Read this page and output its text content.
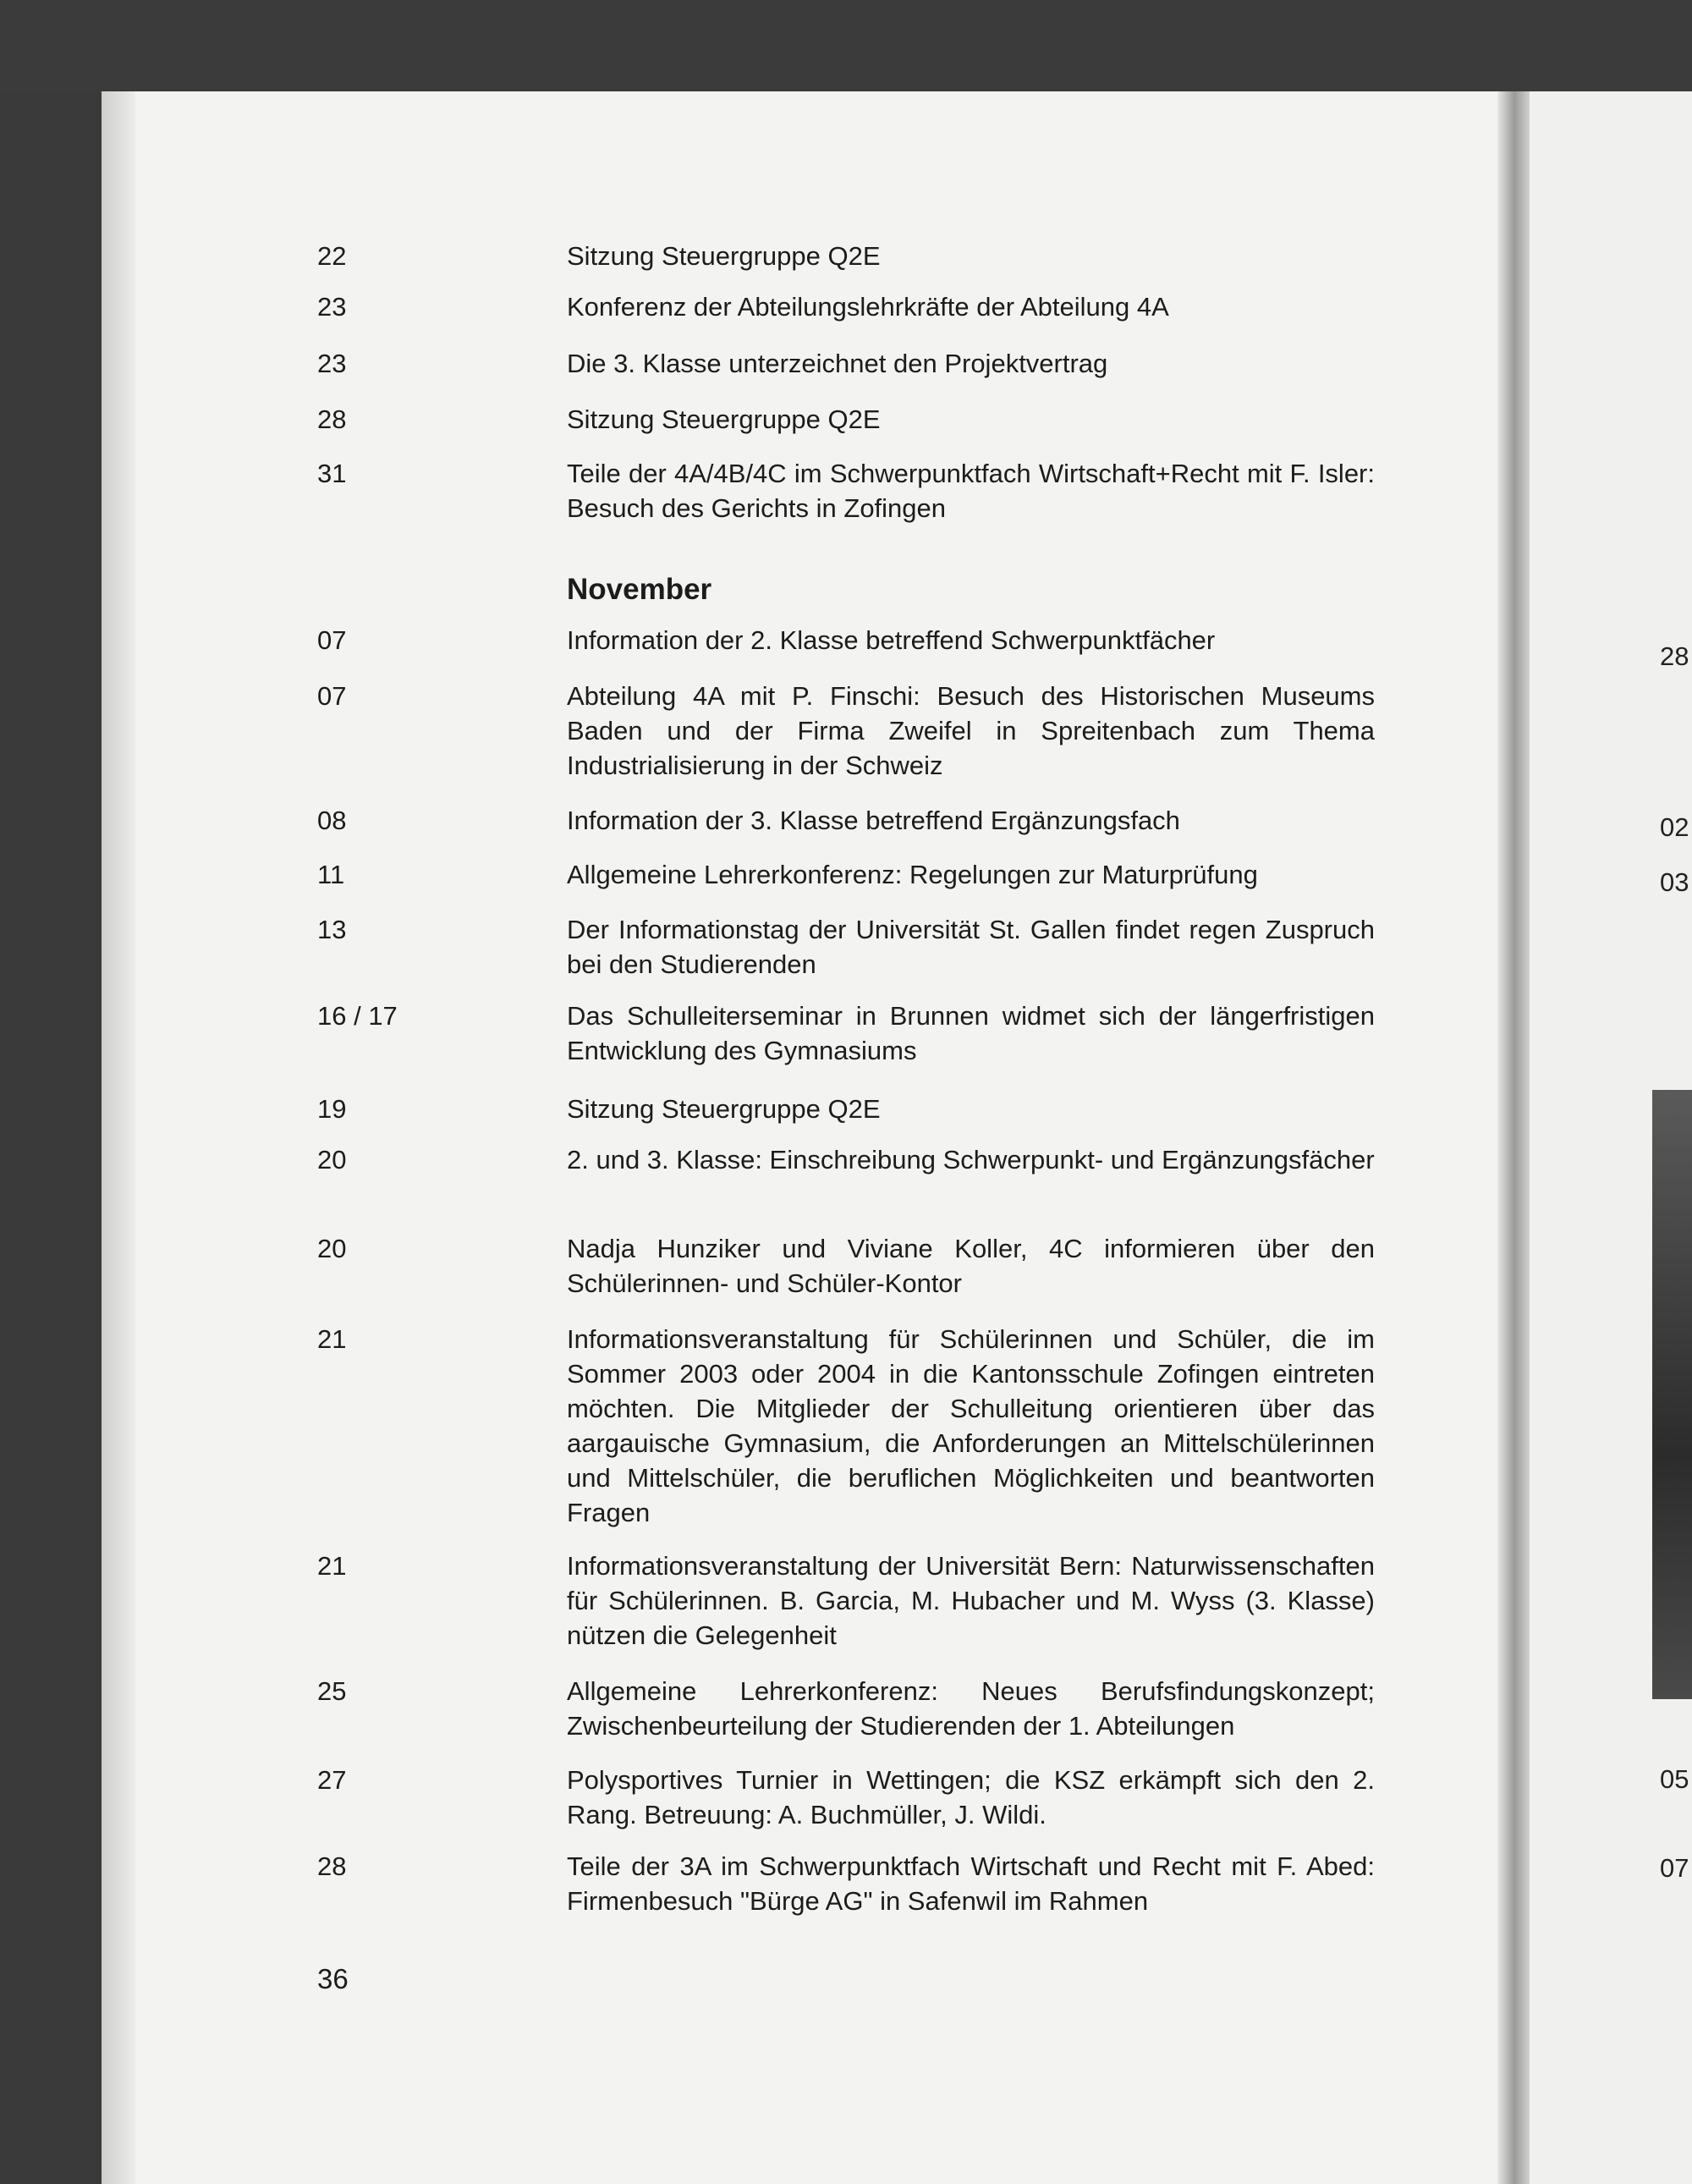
28
02
03
05
07
22	Sitzung Steuergruppe Q2E
23	Konferenz der Abteilungslehrkräfte der Abteilung 4A
23	Die 3. Klasse unterzeichnet den Projektvertrag
28	Sitzung Steuergruppe Q2E
31	Teile der 4A/4B/4C im Schwerpunktfach Wirtschaft+Recht mit F. Isler: Besuch des Gerichts in Zofingen
November
07	Information der 2. Klasse betreffend Schwerpunktfächer
07	Abteilung 4A mit P. Finschi: Besuch des Historischen Museums Baden und der Firma Zweifel in Spreitenbach zum Thema Industrialisierung in der Schweiz
08	Information der 3. Klasse betreffend Ergänzungsfach
11	Allgemeine Lehrerkonferenz: Regelungen zur Maturprüfung
13	Der Informationstag der Universität St. Gallen findet regen Zuspruch bei den Studierenden
16 / 17	Das Schulleiterseminar in Brunnen widmet sich der längerfristigen Entwicklung des Gymnasiums
19	Sitzung Steuergruppe Q2E
20	2. und 3. Klasse: Einschreibung Schwerpunkt- und Ergänzungsfächer
20	Nadja Hunziker und Viviane Koller, 4C informieren über den Schülerinnen- und Schüler-Kontor
21	Informationsveranstaltung für Schülerinnen und Schüler, die im Sommer 2003 oder 2004 in die Kantonsschule Zofingen eintreten möchten. Die Mitglieder der Schulleitung orientieren über das aargauische Gymnasium, die Anforderungen an Mittelschülerinnen und Mittelschüler, die beruflichen Möglichkeiten und beantworten Fragen
21	Informationsveranstaltung der Universität Bern: Naturwissenschaften für Schülerinnen. B. Garcia, M. Hubacher und M. Wyss (3. Klasse) nützen die Gelegenheit
25	Allgemeine Lehrerkonferenz: Neues Berufsfindungskonzept; Zwischenbeurteilung der Studierenden der 1. Abteilungen
27	Polysportives Turnier in Wettingen; die KSZ erkämpft sich den 2. Rang. Betreuung: A. Buchmüller, J. Wildi.
28	Teile der 3A im Schwerpunktfach Wirtschaft und Recht mit F. Abed: Firmenbesuch "Bürge AG" in Safenwil im Rahmen
36
